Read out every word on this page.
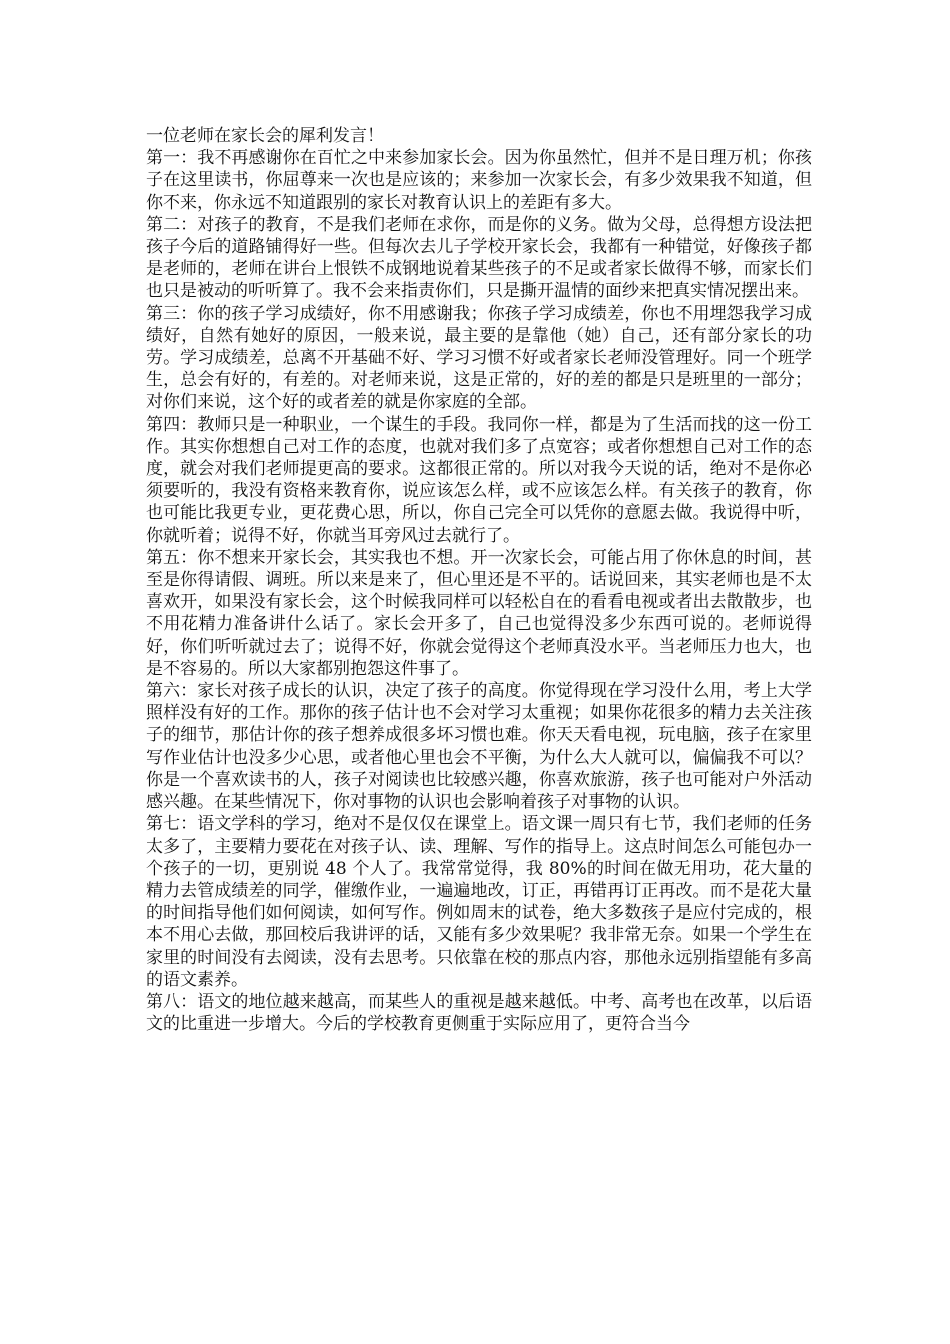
一位老师在家长会的犀利发言！

第一：我不再感谢你在百忙之中来参加家长会。因为你虽然忙，但并不是日理万机；你孩子在这里读书，你屈尊来一次也是应该的；来参加一次家长会，有多少效果我不知道，但你不来，你永远不知道跟别的家长对教育认识上的差距有多大。

第二：对孩子的教育，不是我们老师在求你，而是你的义务。做为父母，总得想方设法把孩子今后的道路铺得好一些。但每次去儿子学校开家长会，我都有一种错觉，好像孩子都是老师的，老师在讲台上恨铁不成钢地说着某些孩子的不足或者家长做得不够，而家长们也只是被动的听听算了。我不会来指责你们，只是撕开温情的面纱来把真实情况摆出来。

第三：你的孩子学习成绩好，你不用感谢我；你孩子学习成绩差，你也不用埋怨我学习成绩好，自然有她好的原因，一般来说，最主要的是靠他（她）自己，还有部分家长的功劳。学习成绩差，总离不开基础不好、学习习惯不好或者家长老师没管理好。同一个班学生，总会有好的，有差的。对老师来说，这是正常的，好的差的都是只是班里的一部分；对你们来说，这个好的或者差的就是你家庭的全部。

第四：教师只是一种职业，一个谋生的手段。我同你一样，都是为了生活而找的这一份工作。其实你想想自己对工作的态度，也就对我们多了点宽容；或者你想想自己对工作的态度，就会对我们老师提更高的要求。这都很正常的。所以对我今天说的话，绝对不是你必须要听的，我没有资格来教育你，说应该怎么样，或不应该怎么样。有关孩子的教育，你也可能比我更专业，更花费心思，所以，你自己完全可以凭你的意愿去做。我说得中听，你就听着；说得不好，你就当耳旁风过去就行了。

第五：你不想来开家长会，其实我也不想。开一次家长会，可能占用了你休息的时间，甚至是你得请假、调班。所以来是来了，但心里还是不平的。话说回来，其实老师也是不太喜欢开，如果没有家长会，这个时候我同样可以轻松自在的看看电视或者出去散散步，也不用花精力准备讲什么话了。家长会开多了，自己也觉得没多少东西可说的。老师说得好，你们听听就过去了；说得不好，你就会觉得这个老师真没水平。当老师压力也大，也是不容易的。所以大家都别抱怨这件事了。

第六：家长对孩子成长的认识，决定了孩子的高度。你觉得现在学习没什么用，考上大学照样没有好的工作。那你的孩子估计也不会对学习太重视；如果你花很多的精力去关注孩子的细节，那估计你的孩子想养成很多坏习惯也难。你天天看电视，玩电脑，孩子在家里写作业估计也没多少心思，或者他心里也会不平衡，为什么大人就可以，偏偏我不可以？你是一个喜欢读书的人，孩子对阅读也比较感兴趣，你喜欢旅游，孩子也可能对户外活动感兴趣。在某些情况下，你对事物的认识也会影响着孩子对事物的认识。

第七：语文学科的学习，绝对不是仅仅在课堂上。语文课一周只有七节，我们老师的任务太多了，主要精力要花在对孩子认、读、理解、写作的指导上。这点时间怎么可能包办一个孩子的一切，更别说 48 个人了。我常常觉得，我 80%的时间在做无用功，花大量的精力去管成绩差的同学，催缴作业，一遍遍地改，订正，再错再订正再改。而不是花大量的时间指导他们如何阅读，如何写作。例如周末的试卷，绝大多数孩子是应付完成的，根本不用心去做，那回校后我讲评的话，又能有多少效果呢？我非常无奈。如果一个学生在家里的时间没有去阅读，没有去思考。只依靠在校的那点内容，那他永远别指望能有多高的语文素养。

第八：语文的地位越来越高，而某些人的重视是越来越低。中考、高考也在改革，以后语文的比重进一步增大。今后的学校教育更侧重于实际应用了，更符合当今
